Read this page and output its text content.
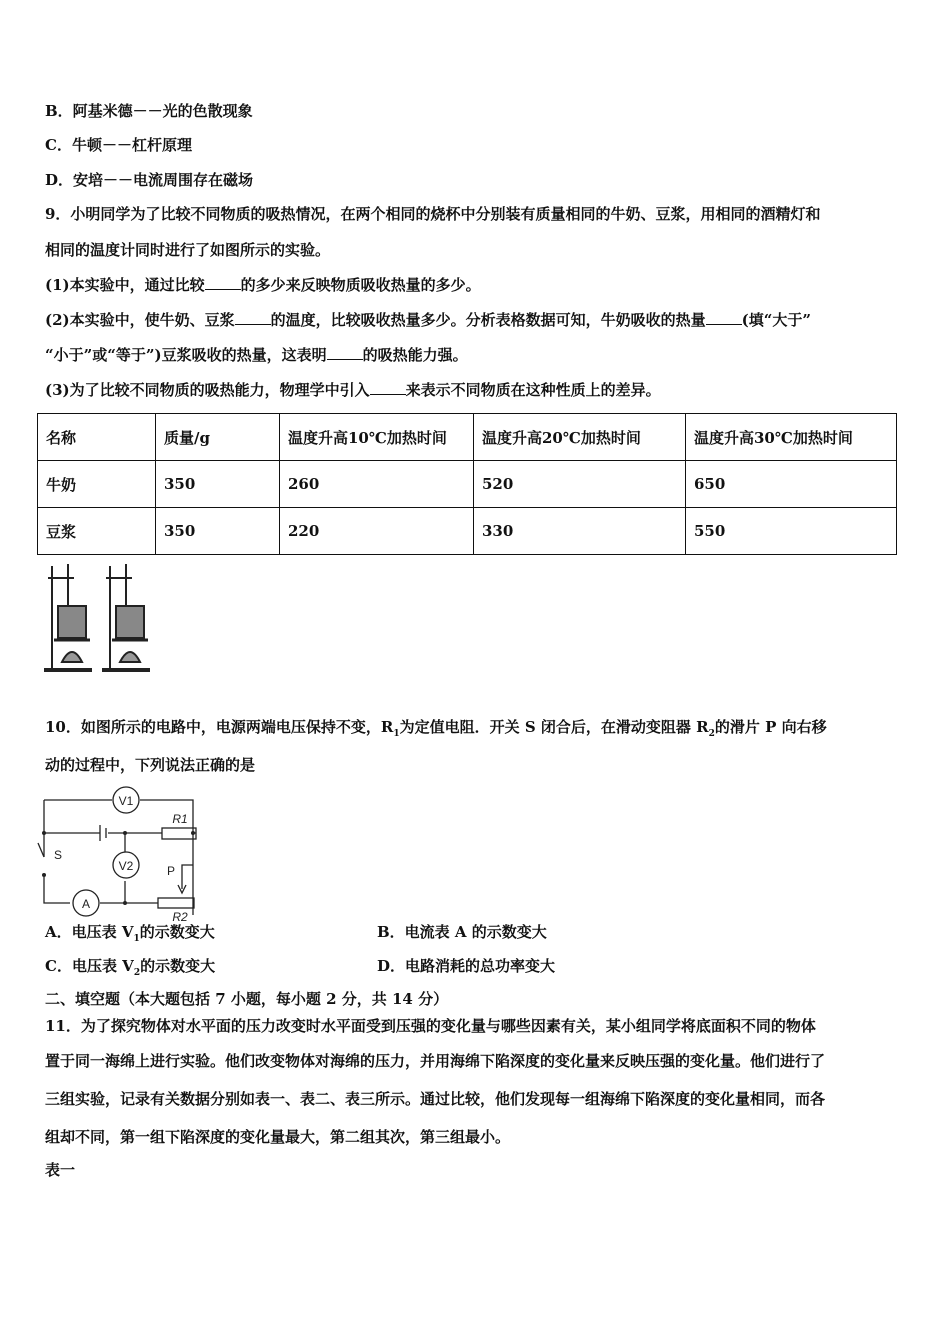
B．阿基米德－－光的色散现象
C．牛顿－－杠杆原理
D．安培－－电流周围存在磁场
9．小明同学为了比较不同物质的吸热情况，在两个相同的烧杯中分别装有质量相同的牛奶、豆浆，用相同的酒精灯和
相同的温度计同时进行了如图所示的实验。
(1)本实验中，通过比较 的多少来反映物质吸收热量的多少。
(2)本实验中，使牛奶、豆浆 的温度，比较吸收热量多少。分析表格数据可知，牛奶吸收的热量 (填“大于”
“小于”或“等于”)豆浆吸收的热量，这表明 的吸热能力强。
(3)为了比较不同物质的吸热能力，物理学中引入 来表示不同物质在这种性质上的差异。
名称	质量/g	温度升高10℃加热时间	温度升高20℃加热时间	温度升高30℃加热时间
牛奶	350	260	520	650
豆浆	350	220	330	550
10．如图所示的电路中，电源两端电压保持不变，$R_1$为定值电阻．开关 S 闭合后，在滑动变阻器 $R_2$的滑片 P 向右移
动的过程中，下列说法正确的是
V1
V2
A
R1
R2
S
P
A．电压表 $V_1$的示数变大	B．电流表 A 的示数变大
C．电压表 $V_2$的示数变大	D．电路消耗的总功率变大
二、填空题（本大题包括 7 小题，每小题 2 分，共 14 分）
11．为了探究物体对水平面的压力改变时水平面受到压强的变化量与哪些因素有关，某小组同学将底面积不同的物体
置于同一海绵上进行实验。他们改变物体对海绵的压力，并用海绵下陷深度的变化量来反映压强的变化量。他们进行了
三组实验，记录有关数据分别如表一、表二、表三所示。通过比较，他们发现每一组海绵下陷深度的变化量相同，而各
组却不同，第一组下陷深度的变化量最大，第二组其次，第三组最小。
表一
